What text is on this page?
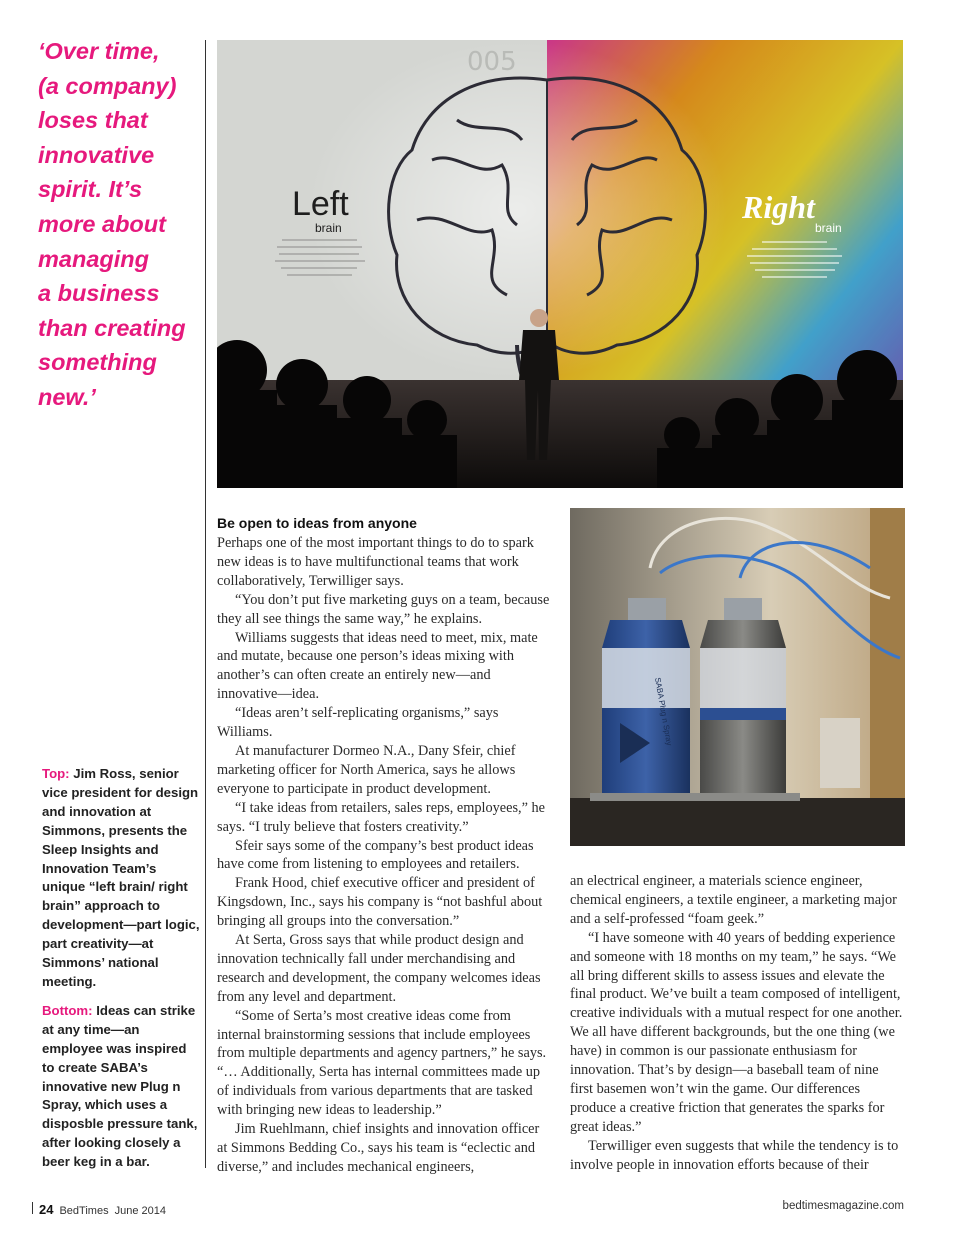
‘Over time,
(a company)
loses that
innovative
spirit. It’s
more about
managing
a business
than creating
something
new.’

Top: Jim Ross, senior vice president for design and innovation at Simmons, presents the Sleep Insights and Innovation Team’s unique “left brain/ right brain” approach to development—part logic, part creativity—at Simmons’ national meeting.

Bottom: Ideas can strike at any time—an employee was inspired to create SABA’s innovative new Plug n Spray, which uses a disposble pressure tank, after looking closely a beer keg in a bar.

005
Left
brain
Right
brain
SABA Plug n Spray
Be open to ideas from anyone

Perhaps one of the most important things to do to spark new ideas is to have multifunctional teams that work collaboratively, Terwilliger says.

“You don’t put five marketing guys on a team, because they all see things the same way,” he explains.

Williams suggests that ideas need to meet, mix, mate and mutate, because one person’s ideas mixing with another’s can often create an entirely new—and innovative—idea.

“Ideas aren’t self-replicating organisms,” says Williams.

At manufacturer Dormeo N.A., Dany Sfeir, chief marketing officer for North America, says he allows everyone to participate in product development.

“I take ideas from retailers, sales reps, employees,” he says. “I truly believe that fosters creativity.”

Sfeir says some of the company’s best product ideas have come from listening to employees and retailers.

Frank Hood, chief executive officer and president of Kingsdown, Inc., says his company is “not bashful about bringing all groups into the conversation.”

At Serta, Gross says that while product design and innovation technically fall under merchandising and research and development, the company welcomes ideas from any level and department.

“Some of Serta’s most creative ideas come from internal brainstorming sessions that include employees from multiple departments and agency partners,” he says. “… Additionally, Serta has internal committees made up of individuals from various departments that are tasked with bringing new ideas to leadership.”

Jim Ruehlmann, chief insights and innovation officer at Simmons Bedding Co., says his team is “eclectic and diverse,” and includes mechanical engineers,

an electrical engineer, a materials science engineer, chemical engineers, a textile engineer, a marketing major and a self-professed “foam geek.”

“I have someone with 40 years of bedding experience and someone with 18 months on my team,” he says. “We all bring different skills to assess issues and elevate the final product. We’ve built a team composed of intelligent, creative individuals with a mutual respect for one another. We all have different backgrounds, but the one thing (we have) in common is our passionate enthusiasm for innovation. That’s by design—a baseball team of nine first basemen won’t win the game. Our differences produce a creative friction that generates the sparks for great ideas.”

Terwilliger even suggests that while the tendency is to involve people in innovation efforts because of their

24 BedTimes June 2014	bedtimesmagazine.com
